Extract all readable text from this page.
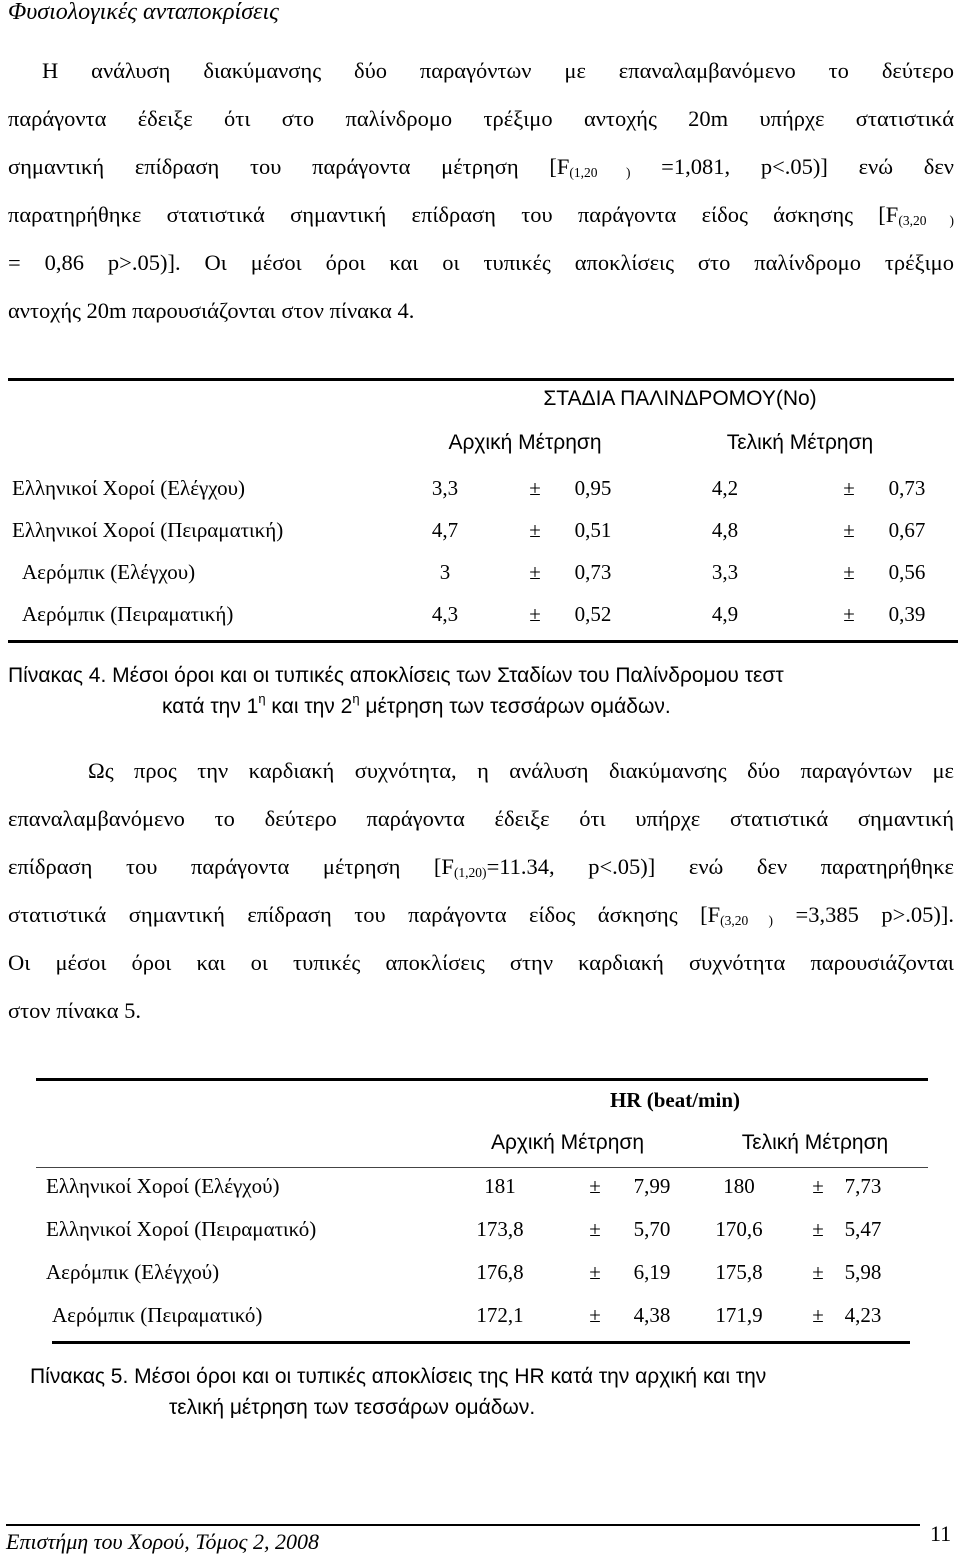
Φυσιολογικές ανταποκρίσεις
Η ανάλυση διακύμανσης δύο παραγόντων με επαναλαμβανόμενο το δεύτερο
παράγοντα έδειξε ότι στο παλίνδρομο τρέξιμο αντοχής 20m υπήρχε στατιστικά
σημαντική επίδραση του παράγοντα μέτρηση [$F_{(1,20 )} =1,081$, p<.05)] ενώ δεν
παρατηρήθηκε στατιστικά σημαντική επίδραση του παράγοντα είδος άσκησης [$F_{(3,20 )}$
= 0,86 p>.05)]. Οι μέσοι όροι και οι τυπικές αποκλίσεις στο παλίνδρομο τρέξιμο
αντοχής 20m παρουσιάζονται στον πίνακα 4.
ΣΤΑΔΙΑ ΠΑΛΙΝΔΡΟΜΟΥ(Νο)
Αρχική Μέτρηση	Τελική Μέτρηση
Ελληνικοί Χοροί (Ελέγχου)	3,3	±	0,95	4,2	±	0,73
Ελληνικοί Χοροί (Πειραματική)	4,7	±	0,51	4,8	±	0,67
Αερόμπικ (Ελέγχου)	3	±	0,73	3,3	±	0,56
Αερόμπικ (Πειραματική)	4,3	±	0,52	4,9	±	0,39
Πίνακας 4. Μέσοι όροι και οι τυπικές αποκλίσεις των Σταδίων του Παλίνδρομου τεστ
κατά την $1^\eta$ και την $2^\eta$ μέτρηση των τεσσάρων ομάδων.
Ως προς την καρδιακή συχνότητα, η ανάλυση διακύμανσης δύο παραγόντων με
επαναλαμβανόμενο το δεύτερο παράγοντα έδειξε ότι υπήρχε στατιστικά σημαντική
επίδραση του παράγοντα μέτρηση [$F_{(1,20)}=11.34$, p<.05)] ενώ δεν παρατηρήθηκε
στατιστικά σημαντική επίδραση του παράγοντα είδος άσκησης [$F_{(3,20 )} =3,385$ p>.05)].
Οι μέσοι όροι και οι τυπικές αποκλίσεις στην καρδιακή συχνότητα παρουσιάζονται
στον πίνακα 5.
HR (beat/min)
Αρχική Μέτρηση	Τελική Μέτρηση
Ελληνικοί Χοροί (Ελέγχoύ)	181	±	7,99	180	± 7,73
Ελληνικοί Χοροί (Πειραματικό)	173,8	±	5,70	170,6	± 5,47
Αερόμπικ (Ελέγχού)	176,8	±	6,19	175,8	± 5,98
Αερόμπικ (Πειραματικό)	172,1	±	4,38	171,9	± 4,23
Πίνακας 5. Μέσοι όροι και οι τυπικές αποκλίσεις της HR κατά την αρχική και την
τελική μέτρηση των τεσσάρων ομάδων.
Επιστήμη του Χορού, Τόμος 2, 2008	11
